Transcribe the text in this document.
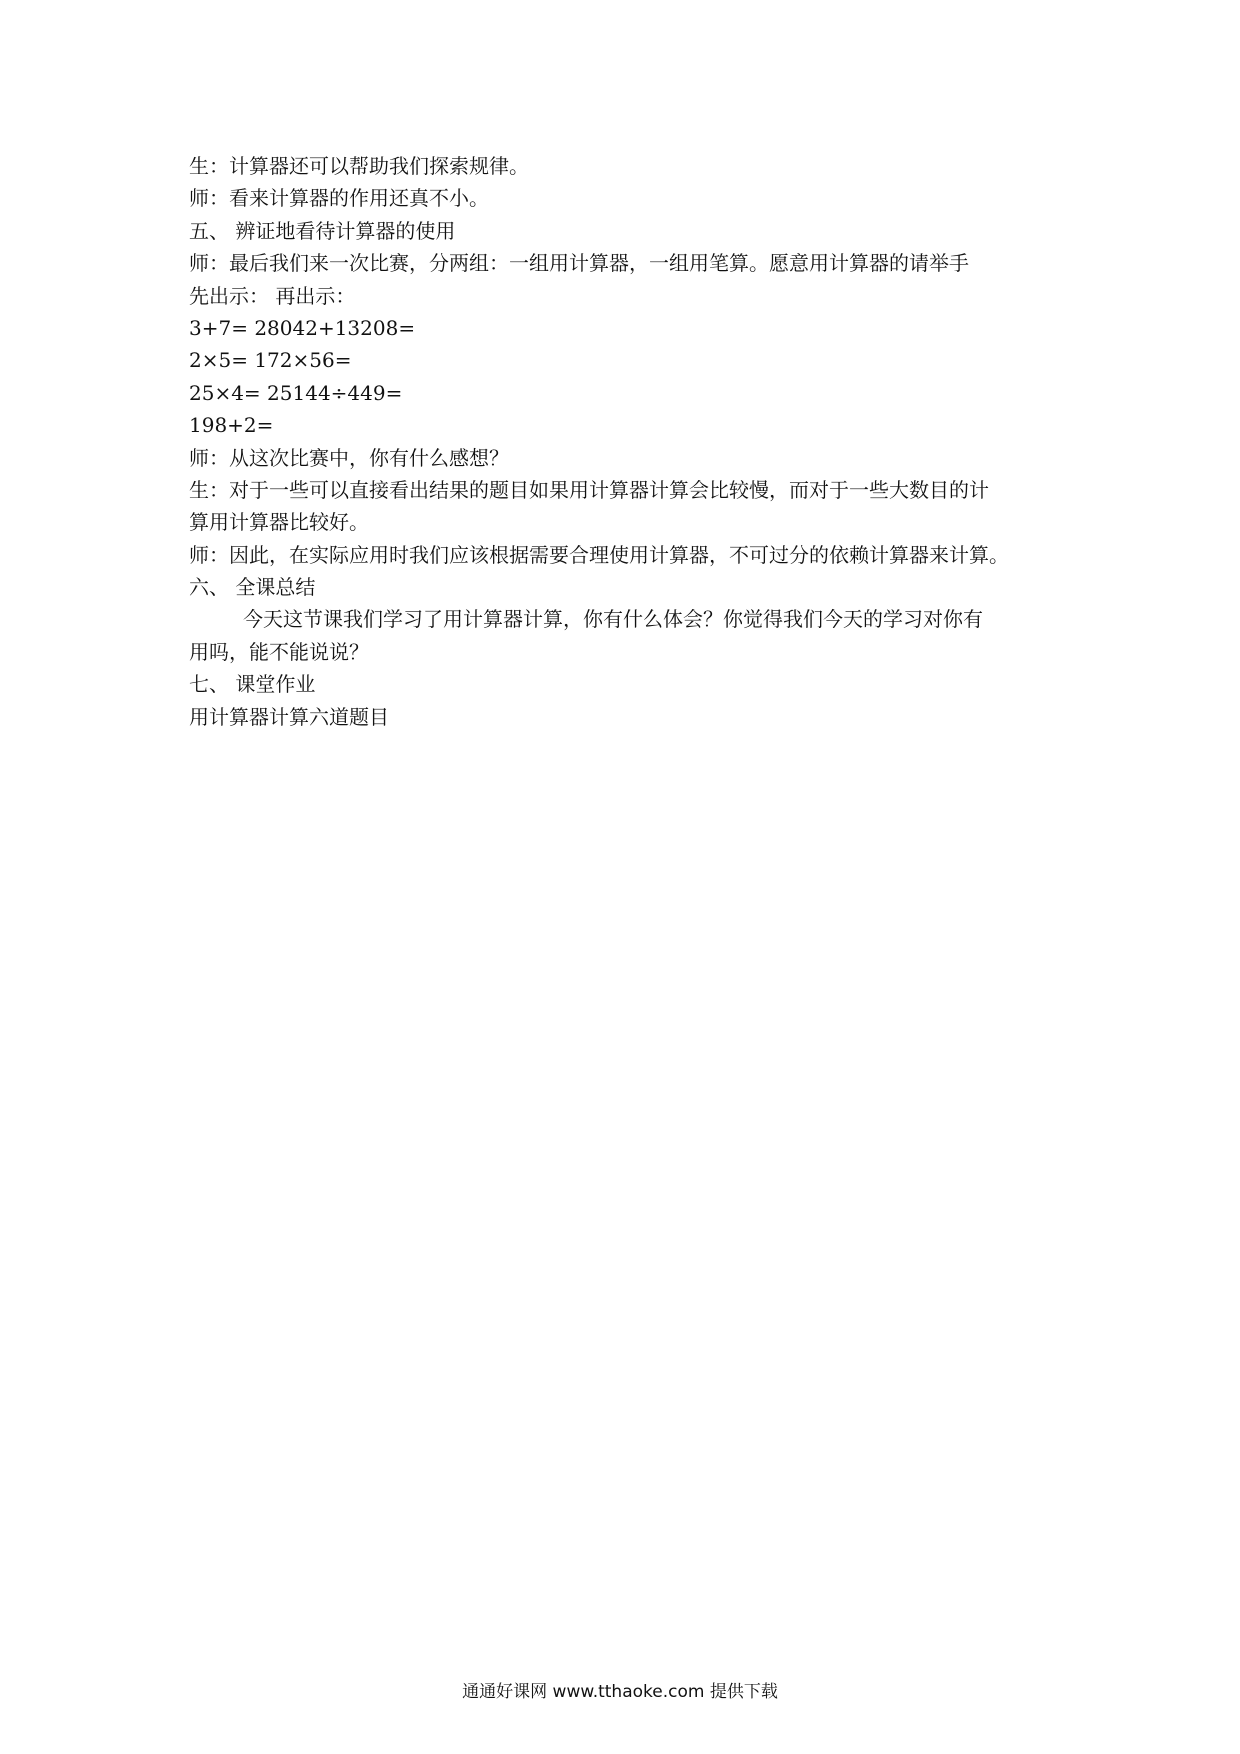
生：计算器还可以帮助我们探索规律。
师：看来计算器的作用还真不小。
五、 辨证地看待计算器的使用
师：最后我们来一次比赛，分两组：一组用计算器，一组用笔算。愿意用计算器的请举手
先出示： 再出示：
3+7= 28042+13208=
2×5= 172×56=
25×4= 25144÷449=
198+2=
师：从这次比赛中，你有什么感想？
生：对于一些可以直接看出结果的题目如果用计算器计算会比较慢，而对于一些大数目的计
算用计算器比较好。
师：因此，在实际应用时我们应该根据需要合理使用计算器，不可过分的依赖计算器来计算。
六、 全课总结
今天这节课我们学习了用计算器计算，你有什么体会？你觉得我们今天的学习对你有
用吗，能不能说说？
七、 课堂作业
用计算器计算六道题目
通通好课网 www.tthaoke.com 提供下载
